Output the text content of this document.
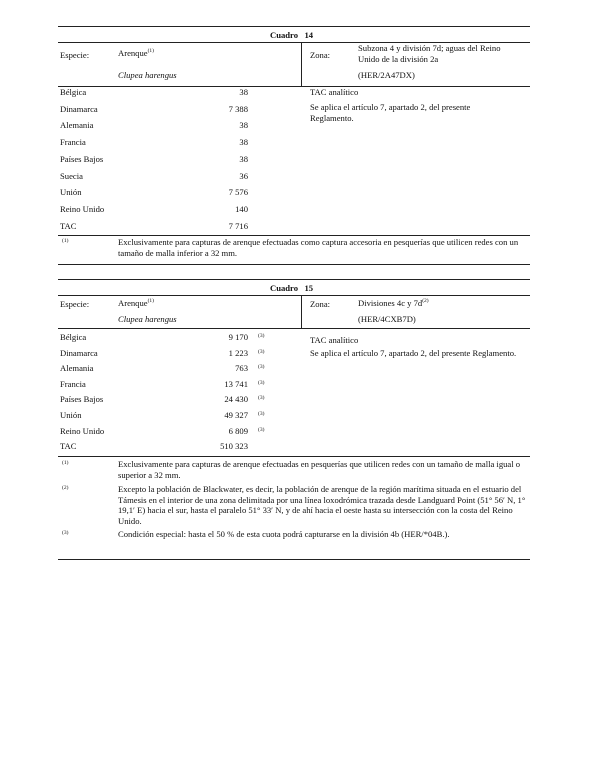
Cuadro 14
Especie:	Arenque$^{(1)}$
Clupea harengus
Zona:
Subzona 4 y división 7d; aguas del Reino Unido de la división 2a
(HER/2A47DX)
Bélgica	38
Dinamarca	7 388
Alemania	38
Francia	38
Países Bajos	38
Suecia	36
Unión	7 576
Reino Unido	140
TAC	7 716
TAC analítico
Se aplica el artículo 7, apartado 2, del presente Reglamento.
(1)	Exclusivamente para capturas de arenque efectuadas como captura accesoria en pesquerías que utilicen redes con un tamaño de malla inferior a 32 mm.
Cuadro 15
Especie:	Arenque$^{(1)}$
Clupea harengus
Zona:	Divisiones 4c y $7d^{(2)}$
(HER/4CXB7D)
Bélgica	9 170 (3)
Dinamarca	1 223 (3)
Alemania	763 (3)
Francia	13 741 (3)
Países Bajos	24 430 (3)
Unión	49 327 (3)
Reino Unido	6 809 (3)
TAC	510 323
TAC analítico
Se aplica el artículo 7, apartado 2, del presente Reglamento.
(1)	Exclusivamente para capturas de arenque efectuadas en pesquerías que utilicen redes con un tamaño de malla igual o superior a 32 mm.
(2)	Excepto la población de Blackwater, es decir, la población de arenque de la región marítima situada en el estuario del Támesis en el interior de una zona delimitada por una línea loxodrómica trazada desde Landguard Point (51° 56′ N, 1° 19,1′ E) hacia el sur, hasta el paralelo 51° 33′ N, y de ahí hacia el oeste hasta su intersección con la costa del Reino Unido.
(3)	Condición especial: hasta el 50 % de esta cuota podrá capturarse en la división 4b (HER/*04B.).
